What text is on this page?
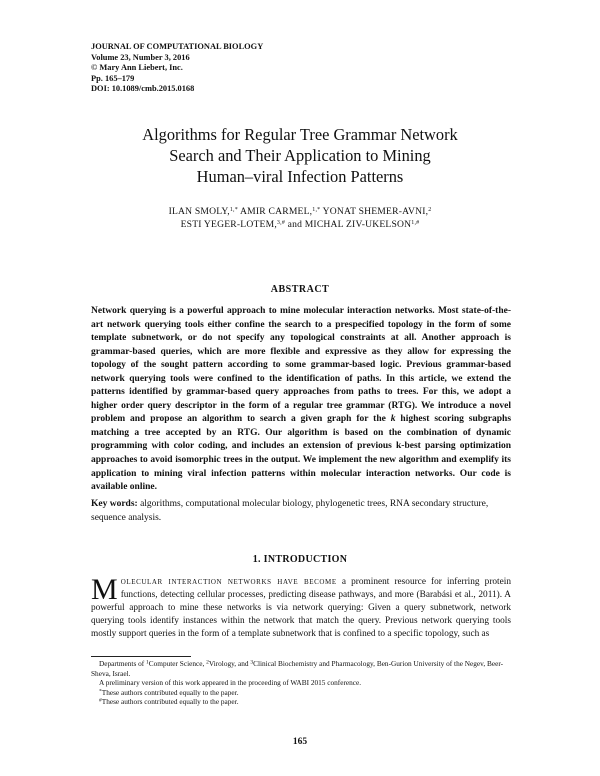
JOURNAL OF COMPUTATIONAL BIOLOGY
Volume 23, Number 3, 2016
© Mary Ann Liebert, Inc.
Pp. 165–179
DOI: 10.1089/cmb.2015.0168
Algorithms for Regular Tree Grammar Network
Search and Their Application to Mining
Human–viral Infection Patterns
ILAN SMOLY,$^{1,*}$ AMIR CARMEL,$^{1,*}$ YONAT SHEMER-AVNI,$^2$
ESTI YEGER-LOTEM,$^{3,\#}$ and MICHAL ZIV-$UKELSON^{1,\#}$
ABSTRACT
Network querying is a powerful approach to mine molecular interaction networks. Most state-of-the-art network querying tools either confine the search to a prespecified topology in the form of some template subnetwork, or do not specify any topological constraints at all. Another approach is grammar-based queries, which are more flexible and expressive as they allow for expressing the topology of the sought pattern according to some grammar-based logic. Previous grammar-based network querying tools were confined to the identification of paths. In this article, we extend the patterns identified by grammar-based query approaches from paths to trees. For this, we adopt a higher order query descriptor in the form of a regular tree grammar (RTG). We introduce a novel problem and propose an algorithm to search a given graph for the k highest scoring subgraphs matching a tree accepted by an RTG. Our algorithm is based on the combination of dynamic programming with color coding, and includes an extension of previous k-best parsing optimization approaches to avoid isomorphic trees in the output. We implement the new algorithm and exemplify its application to mining viral infection patterns within molecular interaction networks. Our code is available online.
Key words: algorithms, computational molecular biology, phylogenetic trees, RNA secondary structure, sequence analysis.
1. INTRODUCTION
Molecular interaction networks have become a prominent resource for inferring protein functions, detecting cellular processes, predicting disease pathways, and more (Barabási et al., 2011). A powerful approach to mine these networks is via network querying: Given a query subnetwork, network querying tools identify instances within the network that match the query. Previous network querying tools mostly support queries in the form of a template subnetwork that is confined to a specific topology, such as

Departments of $^1$Computer Science, $^2$Virology, and $^3$Clinical Biochemistry and Pharmacology, Ben-Gurion University of the Negev, Beer-Sheva, Israel.

A preliminary version of this work appeared in the proceeding of WABI 2015 conference.

*These authors contributed equally to the paper.

#These authors contributed equally to the paper.

165
